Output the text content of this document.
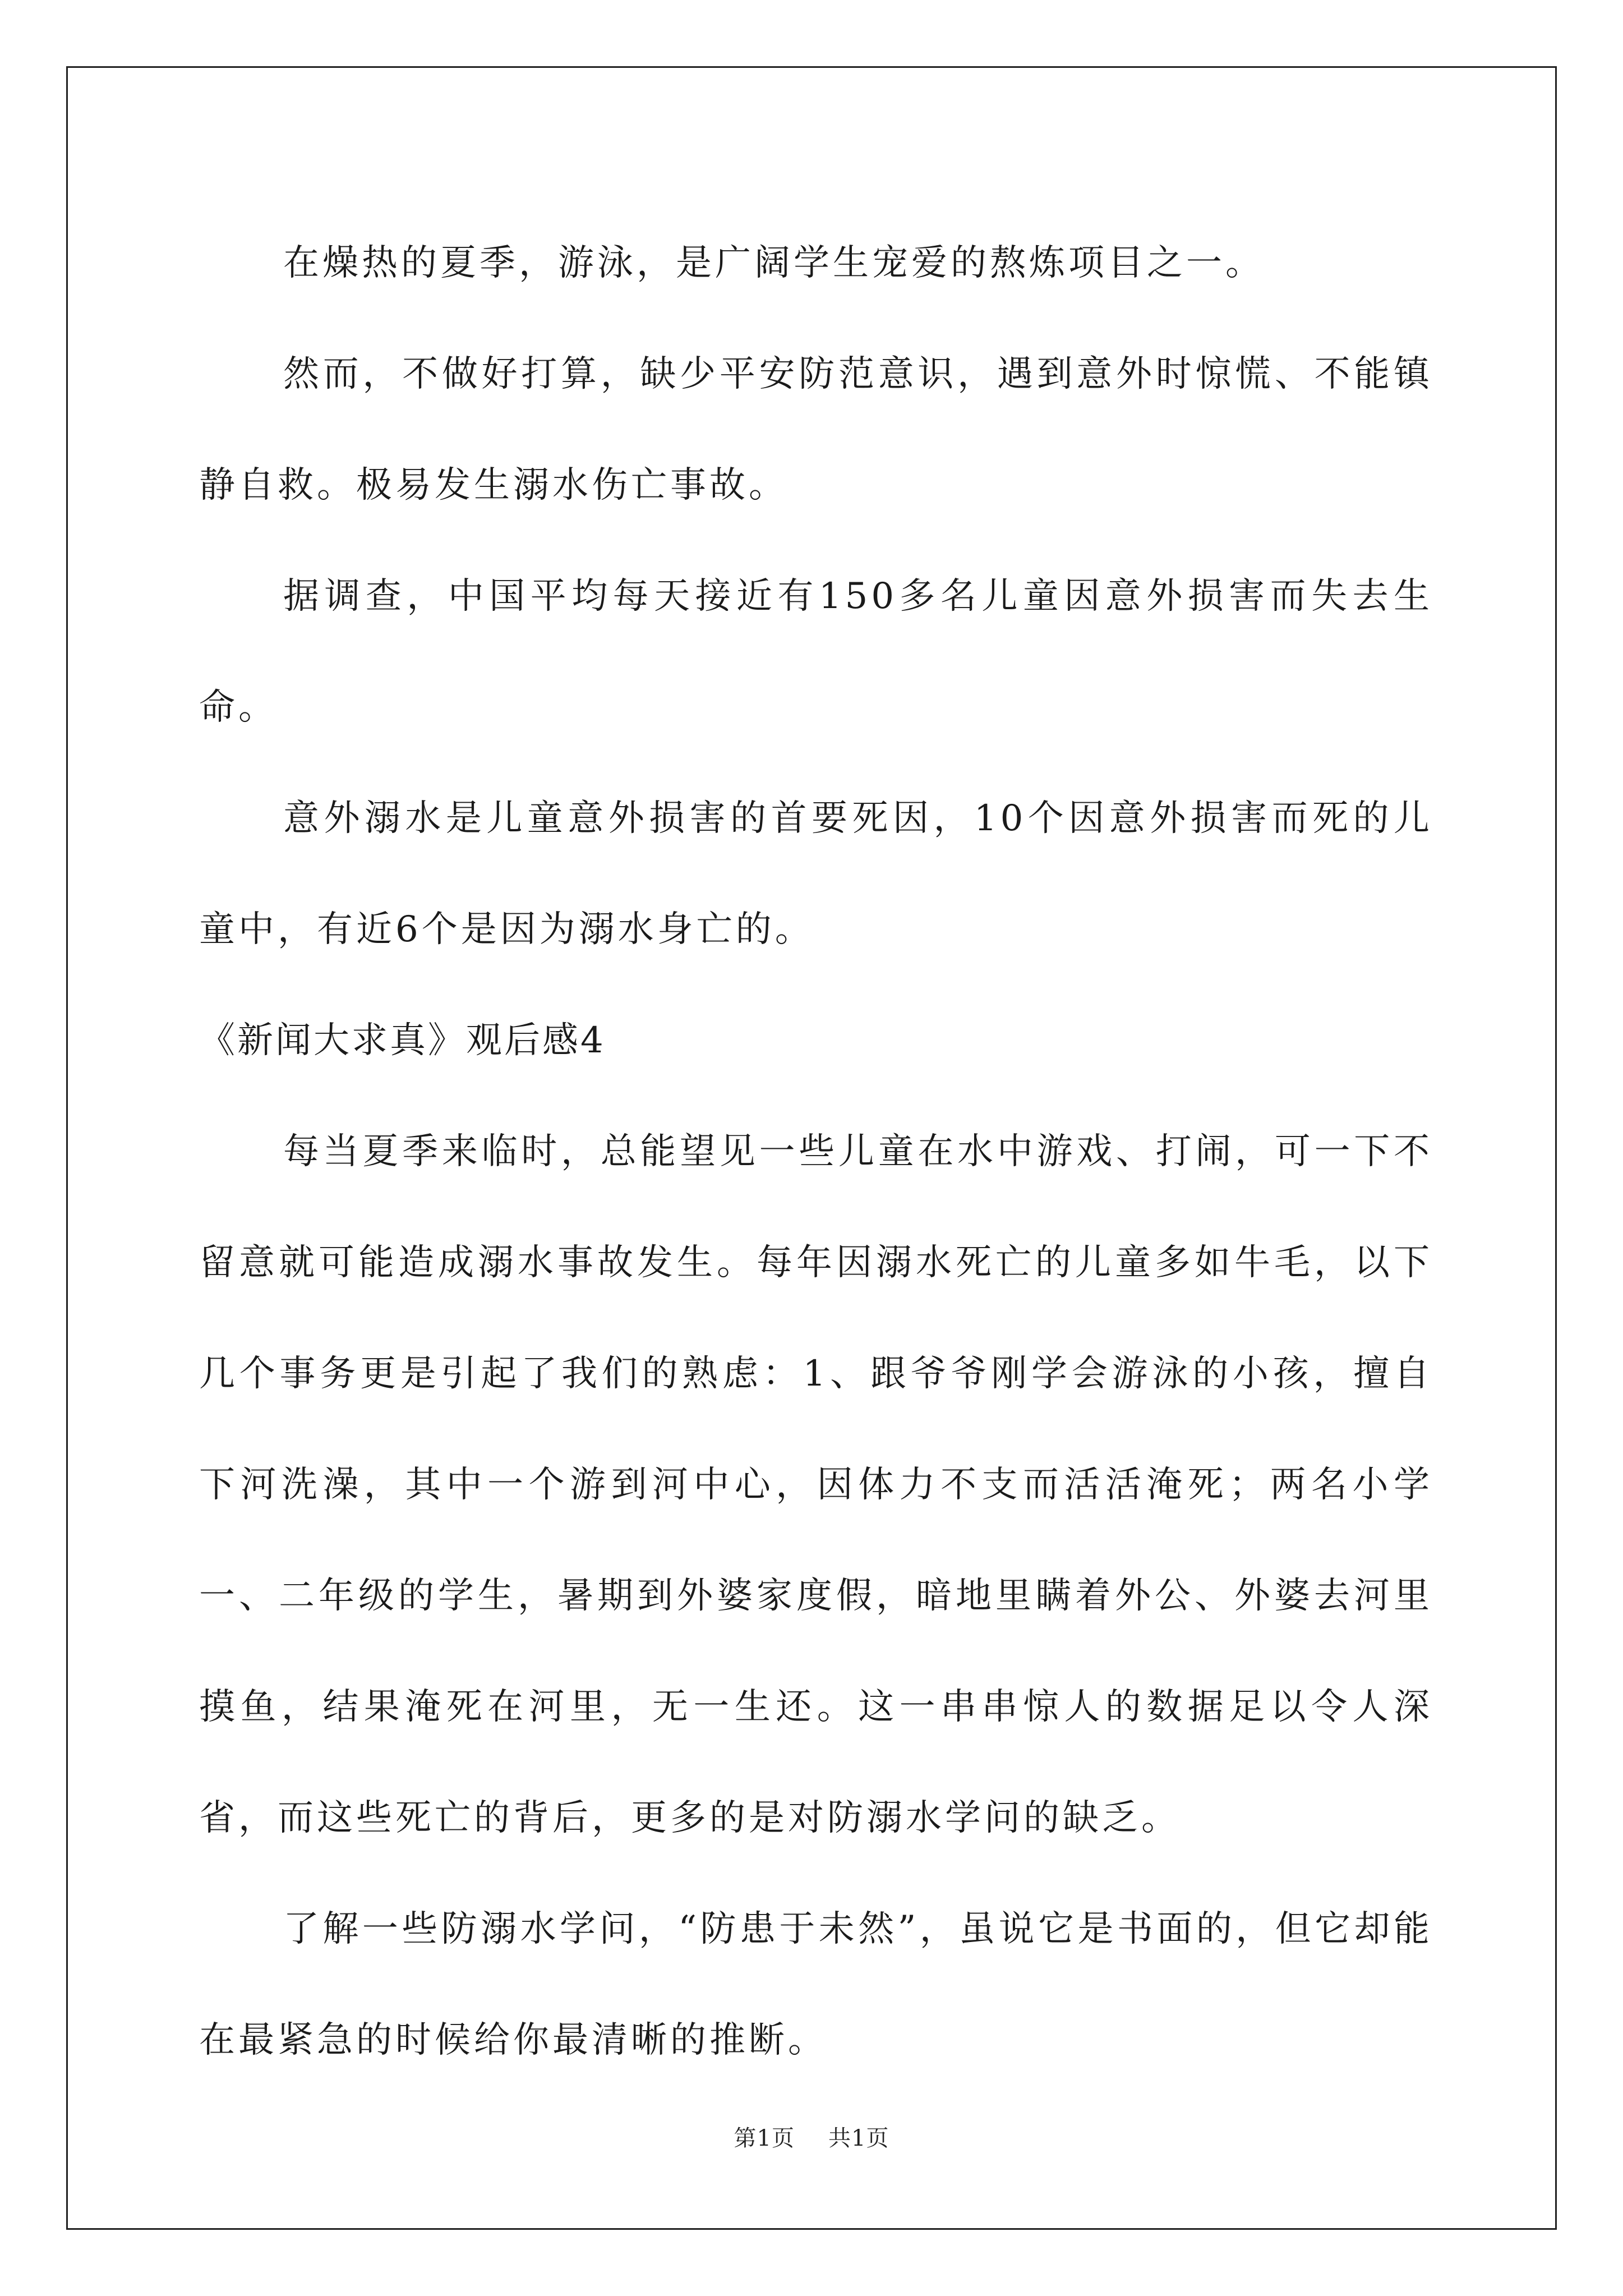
在燥热的夏季，游泳，是广阔学生宠爱的熬炼项目之一。

然而，不做好打算，缺少平安防范意识，遇到意外时惊慌、不能镇静自救。极易发生溺水伤亡事故。

据调查，中国平均每天接近有150多名儿童因意外损害而失去生命。

意外溺水是儿童意外损害的首要死因，10个因意外损害而死的儿童中，有近6个是因为溺水身亡的。

《新闻大求真》观后感4

每当夏季来临时，总能望见一些儿童在水中游戏、打闹，可一下不留意就可能造成溺水事故发生。每年因溺水死亡的儿童多如牛毛，以下几个事务更是引起了我们的熟虑：1、跟爷爷刚学会游泳的小孩，擅自下河洗澡，其中一个游到河中心，因体力不支而活活淹死；两名小学一、二年级的学生，暑期到外婆家度假，暗地里瞒着外公、外婆去河里摸鱼，结果淹死在河里，无一生还。这一串串惊人的数据足以令人深省，而这些死亡的背后，更多的是对防溺水学问的缺乏。

了解一些防溺水学问，“防患于未然”，虽说它是书面的，但它却能在最紧急的时候给你最清晰的推断。

第1页 共1页
